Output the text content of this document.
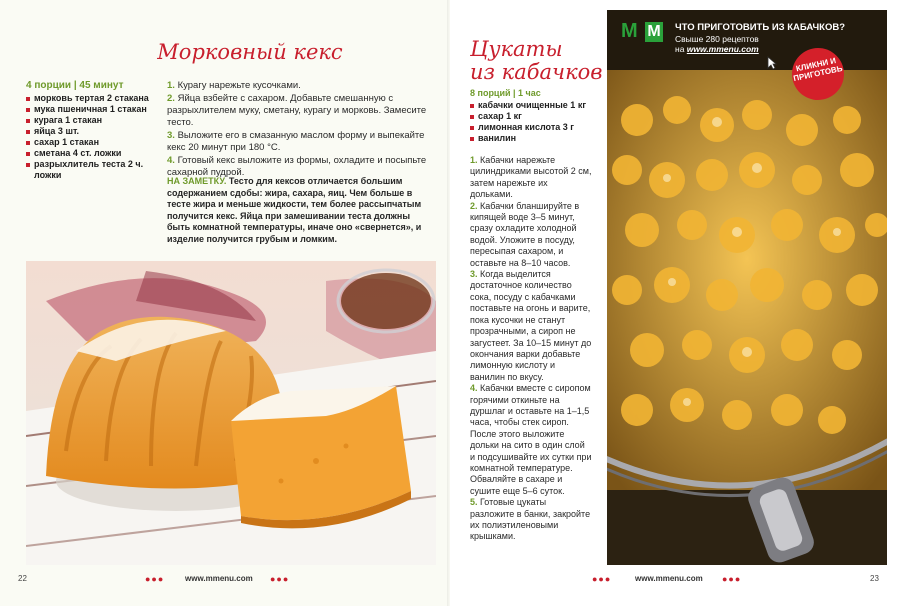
Морковный кекс
4 порции | 45 минут
морковь тертая 2 стакана
мука пшеничная 1 стакан
курага 1 стакан
яйца 3 шт.
сахар 1 стакан
сметана 4 ст. ложки
разрыхлитель теста 2 ч. ложки

1. Курагу нарежьте кусочками.

2. Яйца взбейте с сахаром. Добавьте смешанную с разрыхлителем муку, сметану, курагу и морковь. Замесите тесто.

3. Выложите его в смазанную маслом форму и выпекайте кекс 20 минут при 180 °С.

4. Готовый кекс выложите из формы, охладите и посыпьте сахарной пудрой.

НА ЗАМЕТКУ. Тесто для кексов отличается большим содержанием сдобы: жира, сахара, яиц. Чем больше в тесте жира и меньше жидкости, тем более рассыпчатым получится кекс. Яйца при замешивании теста должны быть комнатной температуры, иначе оно «свернется», и изделие получится грубым и ломким.
22	●●●	www.mmenu.com ●●●
Цукаты
из кабачков
8 порций | 1 час
кабачки очищенные 1 кг
сахар 1 кг
лимонная кислота 3 г
ванилин

1. Кабачки нарежьте цилиндриками высотой 2 см, затем нарежьте их дольками.

2. Кабачки бланшируйте в кипящей воде 3–5 минут, сразу охладите холодной водой. Уложите в посуду, пересыпая сахаром, и оставьте на 8–10 часов.

3. Когда выделится достаточное количество сока, посуду с кабачками поставьте на огонь и варите, пока кусочки не станут прозрачными, а сироп не загустеет. За 10–15 минут до окончания варки добавьте лимонную кислоту и ванилин по вкусу.

4. Кабачки вместе с сиропом горячими откиньте на дуршлаг и оставьте на 1–1,5 часа, чтобы стек сироп. После этого выложите дольки на сито в один слой и подсушивайте их сутки при комнатной температуре. Обваляйте в сахаре и сушите еще 5–6 суток.

5. Готовые цукаты разложите в банки, закройте их полиэтиленовыми крышками.

M M ЧТО ПРИГОТОВИТЬ ИЗ КАБАЧКОВ?
Свыше 280 рецептов
на www.mmenu.com
КЛИКНИ И ПРИГОТОВЬ
●●●	www.mmenu.com ●●●	23
